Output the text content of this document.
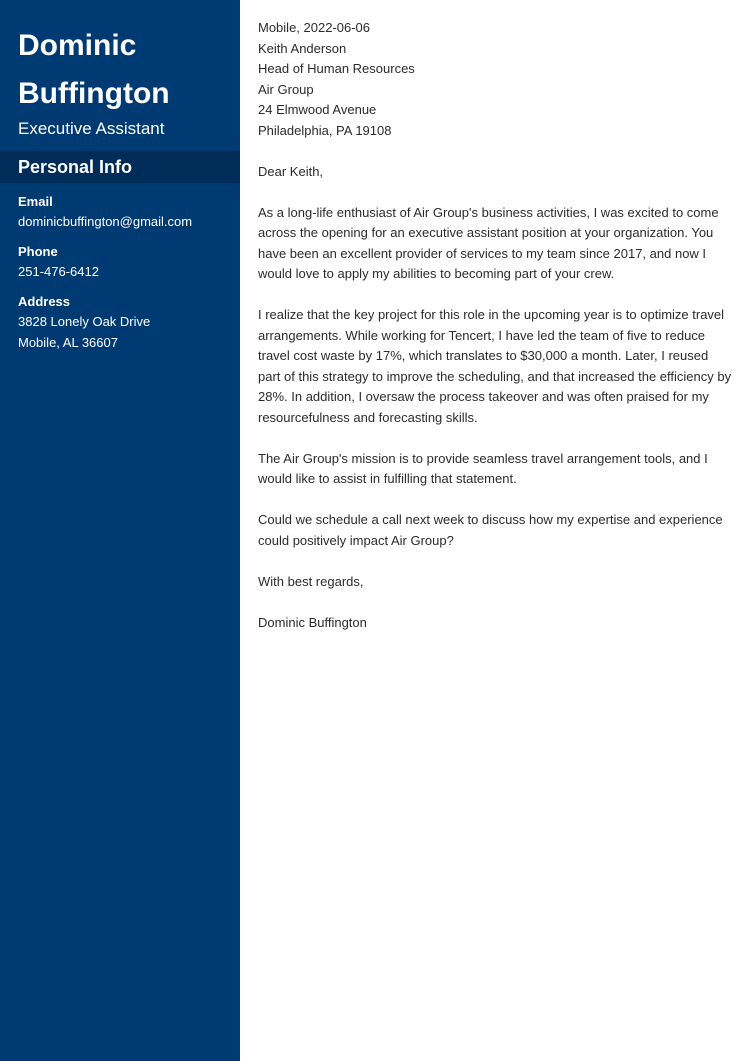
Dominic
Buffington
Executive Assistant
Personal Info
Email
dominicbuffington@gmail.com
Phone
251-476-6412
Address
3828 Lonely Oak Drive
Mobile, AL 36607
Mobile, 2022-06-06
Keith Anderson
Head of Human Resources
Air Group
24 Elmwood Avenue
Philadelphia, PA 19108

Dear Keith,

As a long-life enthusiast of Air Group's business activities, I was excited to come across the opening for an executive assistant position at your organization. You have been an excellent provider of services to my team since 2017, and now I would love to apply my abilities to becoming part of your crew.

I realize that the key project for this role in the upcoming year is to optimize travel arrangements. While working for Tencert, I have led the team of five to reduce travel cost waste by 17%, which translates to $30,000 a month. Later, I reused part of this strategy to improve the scheduling, and that increased the efficiency by 28%. In addition, I oversaw the process takeover and was often praised for my resourcefulness and forecasting skills.

The Air Group's mission is to provide seamless travel arrangement tools, and I would like to assist in fulfilling that statement.

Could we schedule a call next week to discuss how my expertise and experience could positively impact Air Group?

With best regards,

Dominic Buffington
